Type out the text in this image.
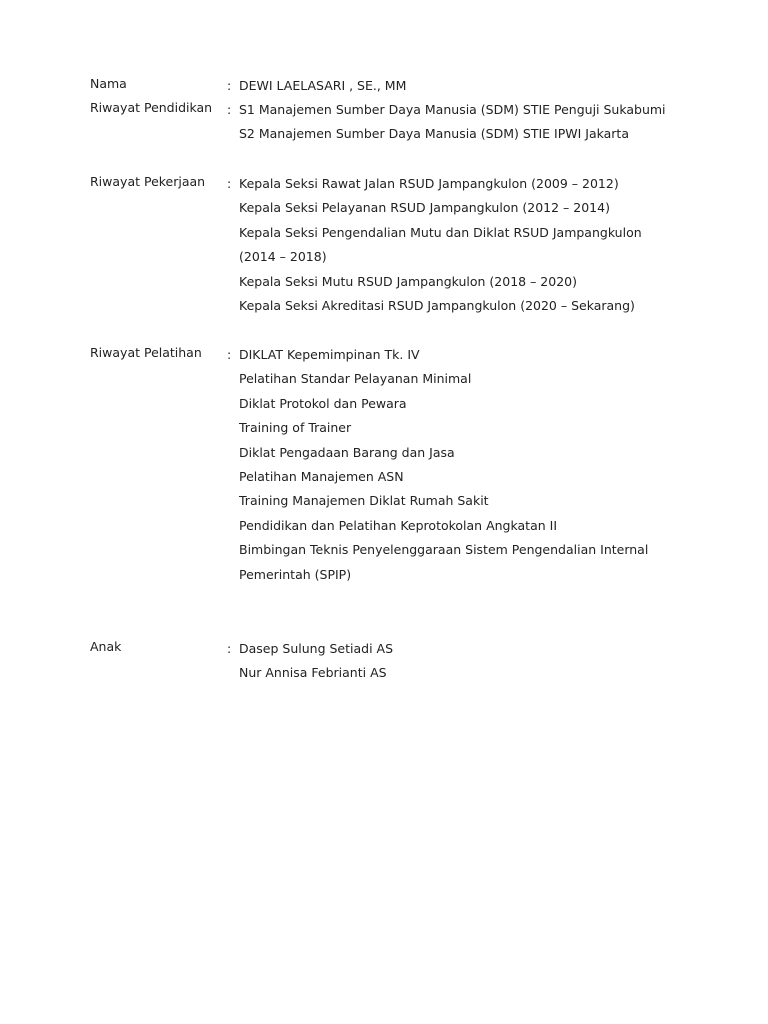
Nama	: DEWI LAELASARI , SE., MM
Riwayat Pendidikan : S1 Manajemen Sumber Daya Manusia (SDM) STIE Penguji Sukabumi
S2 Manajemen Sumber Daya Manusia (SDM) STIE IPWI Jakarta
Riwayat Pekerjaan : Kepala Seksi Rawat Jalan RSUD Jampangkulon (2009 – 2012)
Kepala Seksi Pelayanan RSUD Jampangkulon (2012 – 2014)
Kepala Seksi Pengendalian Mutu dan Diklat RSUD Jampangkulon
(2014 – 2018)
Kepala Seksi Mutu RSUD Jampangkulon (2018 – 2020)
Kepala Seksi Akreditasi RSUD Jampangkulon (2020 – Sekarang)
Riwayat Pelatihan : DIKLAT Kepemimpinan Tk. IV
Pelatihan Standar Pelayanan Minimal
Diklat Protokol dan Pewara
Training of Trainer
Diklat Pengadaan Barang dan Jasa
Pelatihan Manajemen ASN
Training Manajemen Diklat Rumah Sakit
Pendidikan dan Pelatihan Keprotokolan Angkatan II
Bimbingan Teknis Penyelenggaraan Sistem Pengendalian Internal
Pemerintah (SPIP)
Anak	: Dasep Sulung Setiadi AS
Nur Annisa Febrianti AS
